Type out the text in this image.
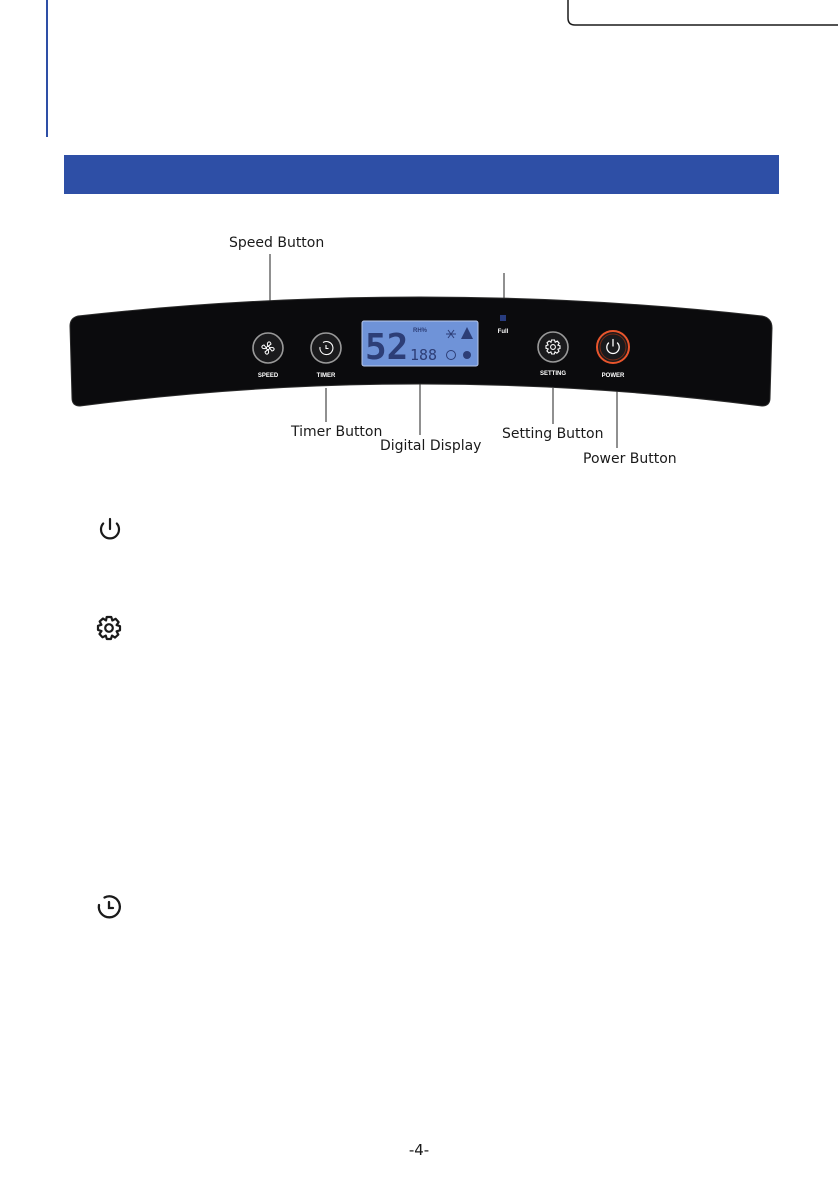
Speed Button
Timer Button
Digital Display
Setting Button
Power Button
SPEED	TIMER
52 RH%
188
Full
SETTING	POWER
-4-
